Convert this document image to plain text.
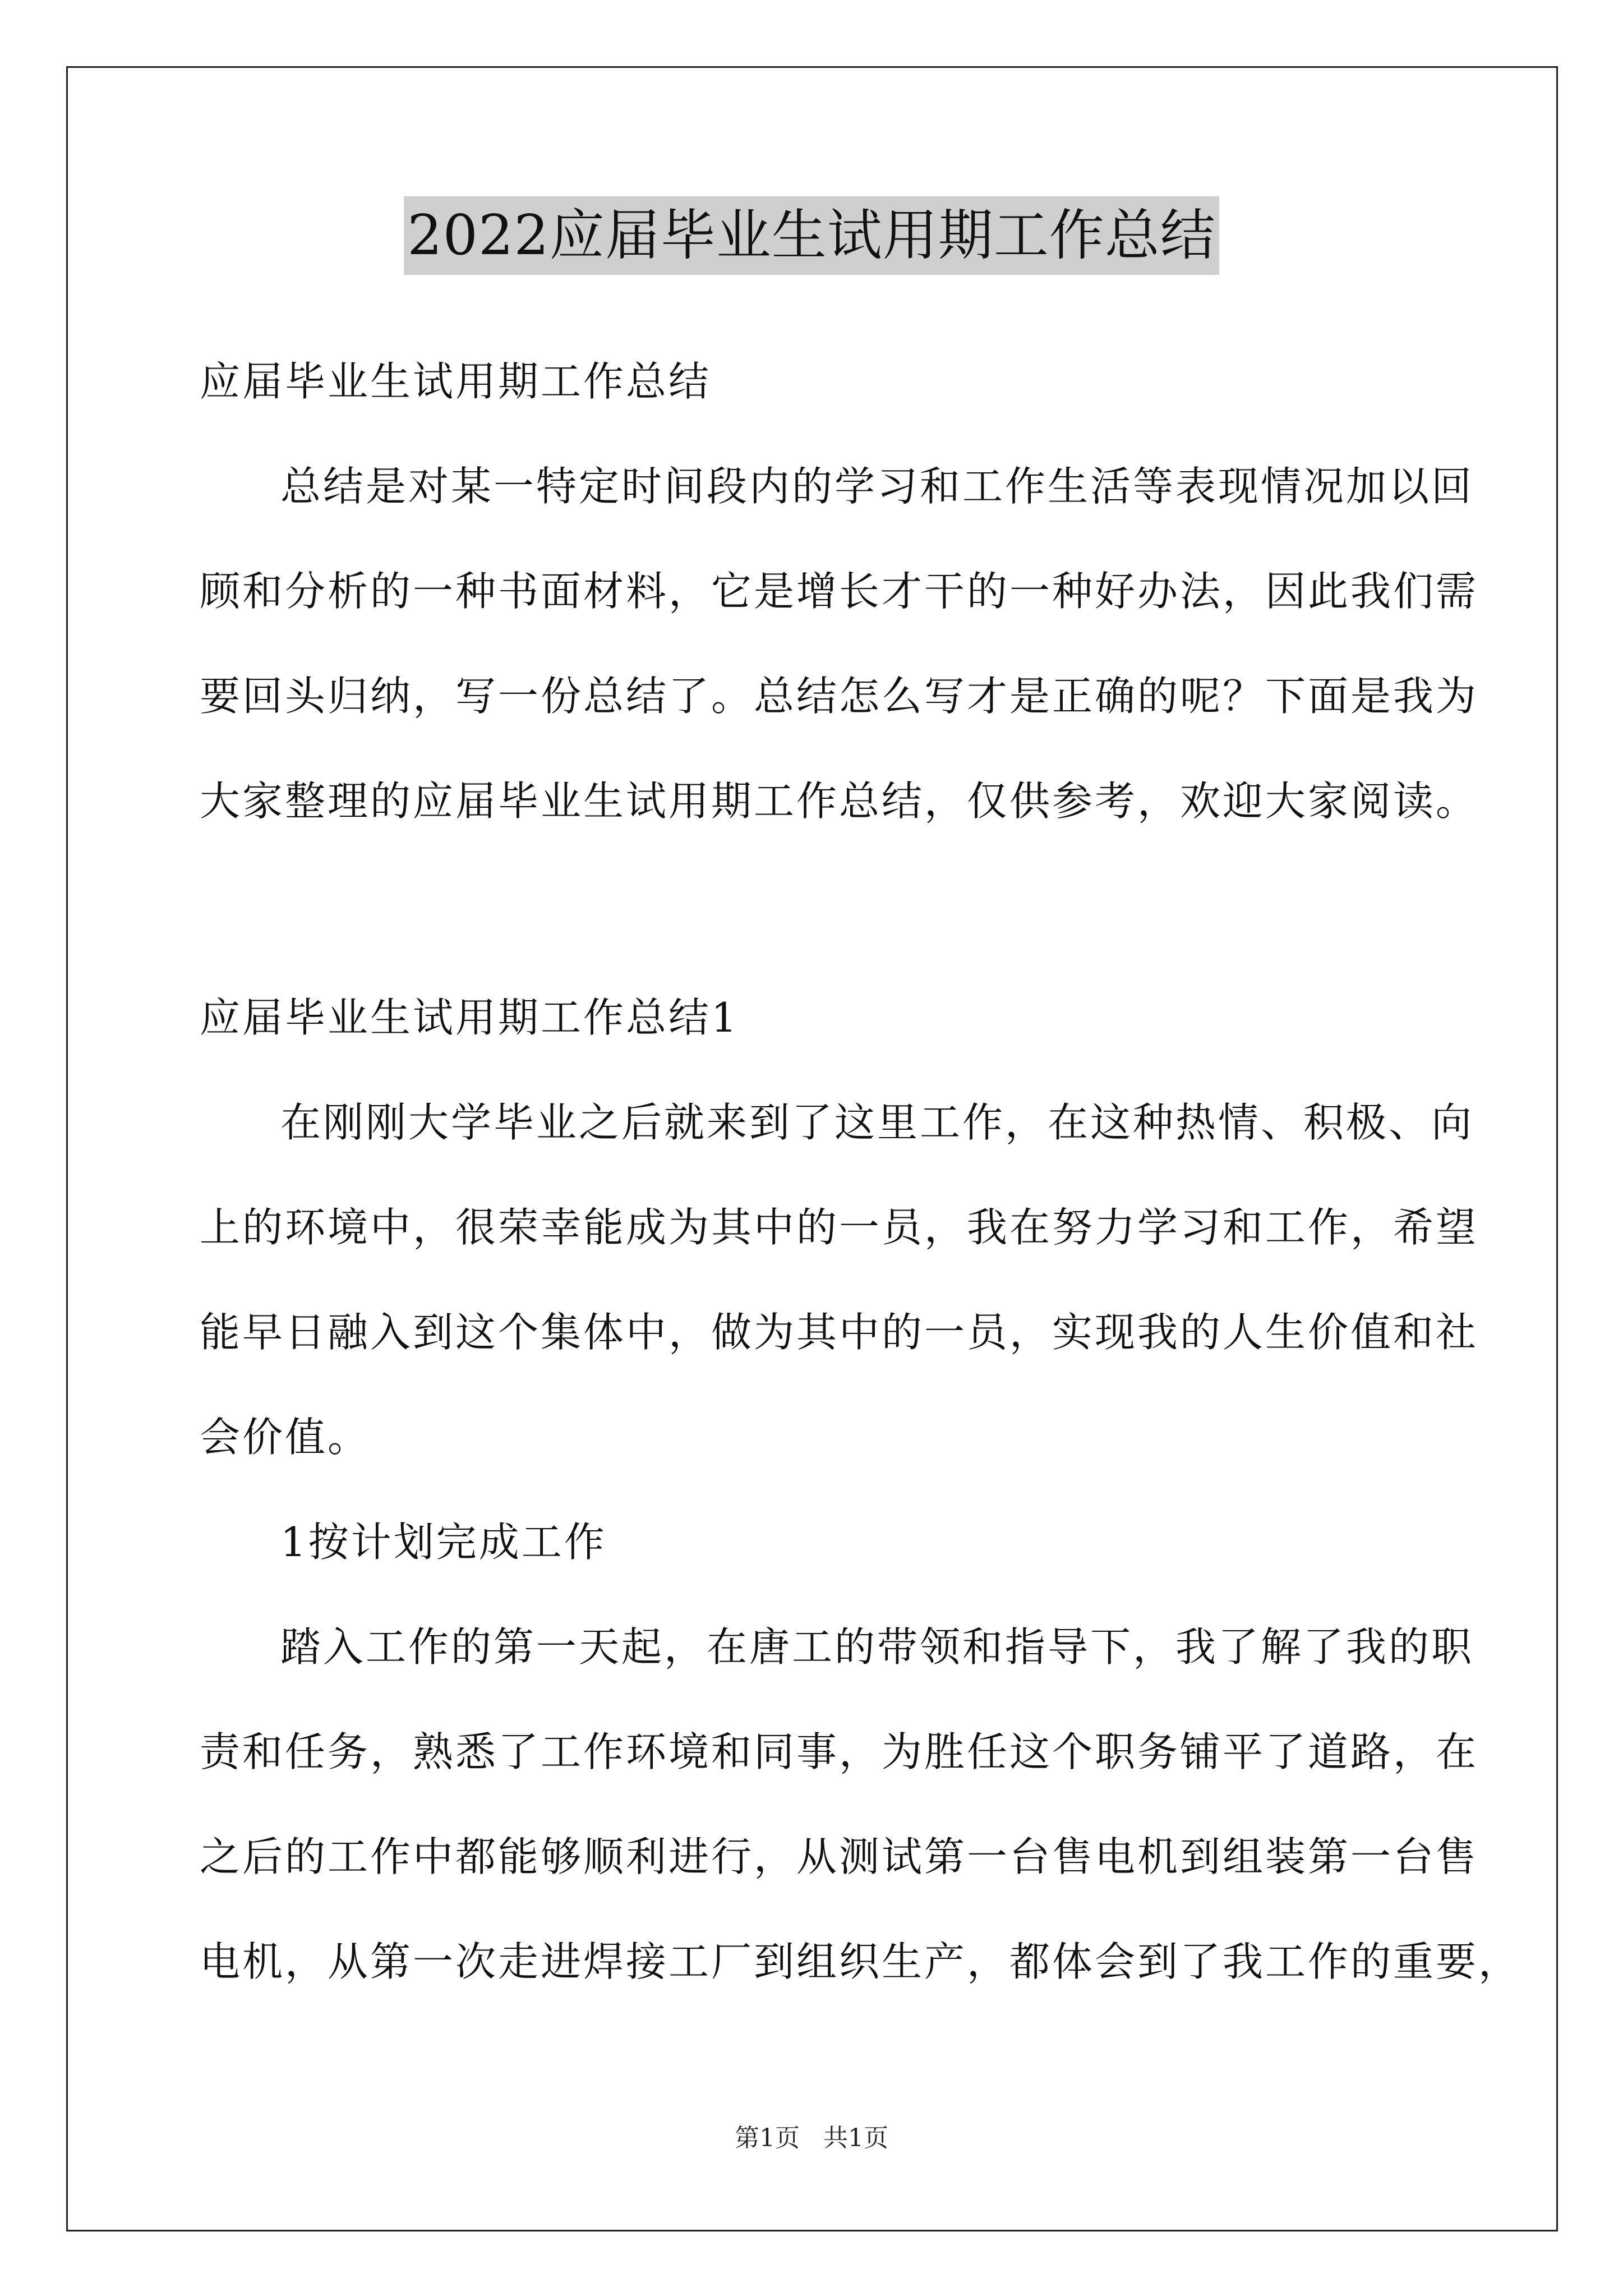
2022应届毕业生试用期工作总结
应届毕业生试用期工作总结
总结是对某一特定时间段内的学习和工作生活等表现情况加以回
顾和分析的一种书面材料，它是增长才干的一种好办法，因此我们需
要回头归纳，写一份总结了。总结怎么写才是正确的呢？下面是我为
大家整理的应届毕业生试用期工作总结，仅供参考，欢迎大家阅读。
应届毕业生试用期工作总结1
在刚刚大学毕业之后就来到了这里工作，在这种热情、积极、向
上的环境中，很荣幸能成为其中的一员，我在努力学习和工作，希望
能早日融入到这个集体中，做为其中的一员，实现我的人生价值和社
会价值。
1按计划完成工作
踏入工作的第一天起，在唐工的带领和指导下，我了解了我的职
责和任务，熟悉了工作环境和同事，为胜任这个职务铺平了道路，在
之后的工作中都能够顺利进行，从测试第一台售电机到组装第一台售
电机，从第一次走进焊接工厂到组织生产，都体会到了我工作的重要，
第1页   共1页
